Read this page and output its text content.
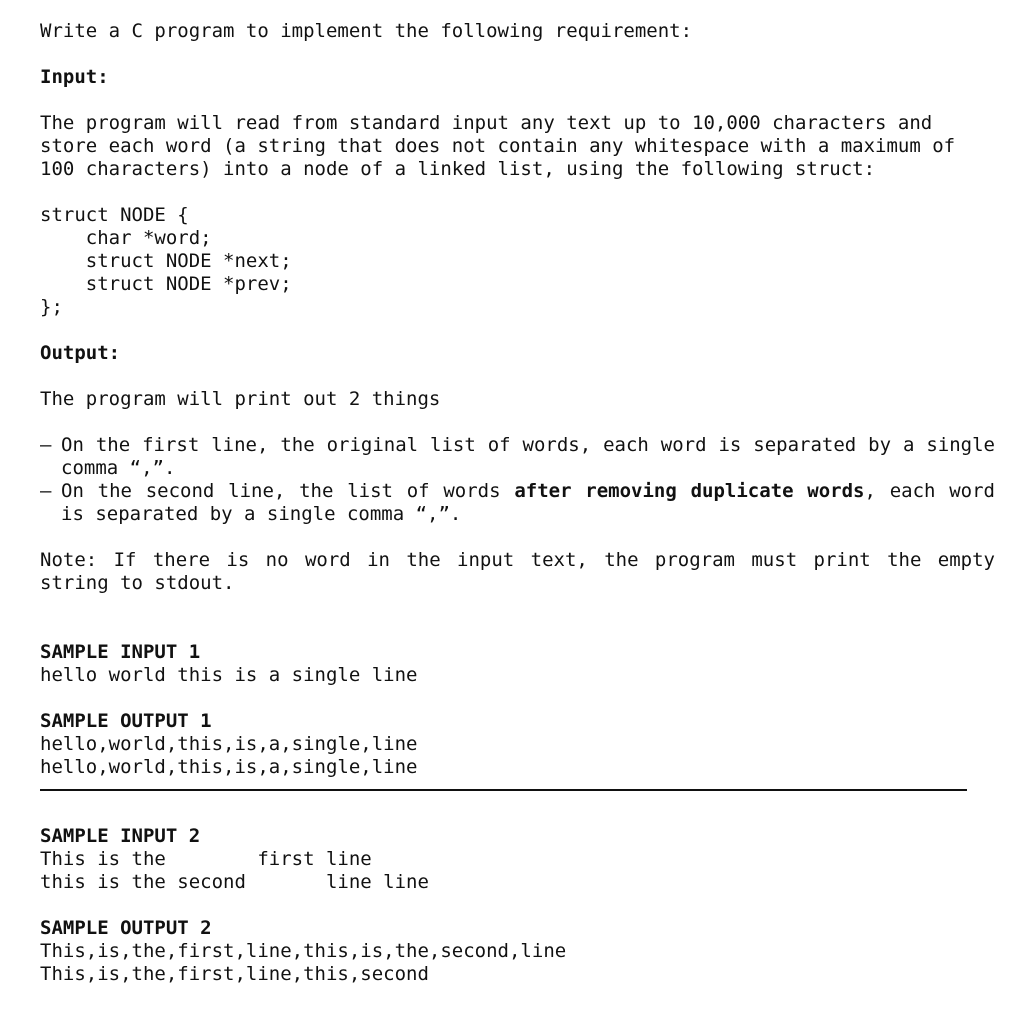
Write a C program to implement the following requirement:

Input:

The program will read from standard input any text up to 10,000 characters and

store each word (a string that does not contain any whitespace with a maximum of

100 characters) into a node of a linked list, using the following struct:

struct NODE {

char *word;

struct NODE *next;

struct NODE *prev;

};

Output:

The program will print out 2 things

– On the first line, the original list of words, each word is separated by a single comma “,”.
– On the second line, the list of words after removing duplicate words, each word is separated by a single comma “,”.
Note: If there is no word in the input text, the program must print the empty string to stdout.

SAMPLE INPUT 1

hello world this is a single line

SAMPLE OUTPUT 1

hello,world,this,is,a,single,line

hello,world,this,is,a,single,line

SAMPLE INPUT 2

This is the        first line

this is the second       line line

SAMPLE OUTPUT 2

This,is,the,first,line,this,is,the,second,line

This,is,the,first,line,this,second
